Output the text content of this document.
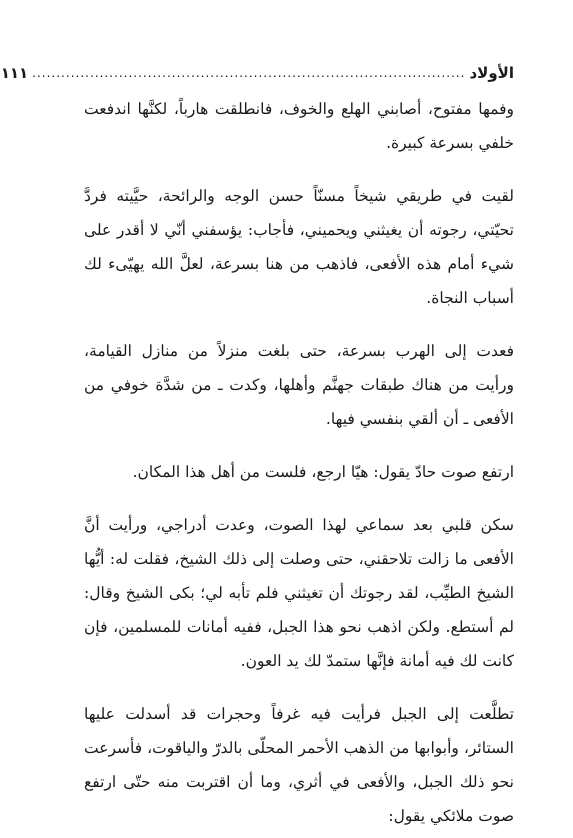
الأولاد
..........................................................................................
١١١

وفمها مفتوح، أصابني الهلع والخوف، فانطلقت هارباً، لكنَّها اندفعت خلفي بسرعة كبيرة.

لقيت في طريقي شيخاً مسنّاً حسن الوجه والرائحة، حيَّيته فردَّ تحيّتي، رجوته أن يغيثني ويحميني، فأجاب: يؤسفني أنّي لا أقدر على شيء أمام هذه الأفعى، فاذهب من هنا بسرعة، لعلَّ الله يهيّىء لك أسباب النجاة.

فعدت إلى الهرب بسرعة، حتى بلغت منزلاً من منازل القيامة، ورأيت من هناك طبقات جهنَّم وأهلها، وكدت ـ من شدَّة خوفي من الأفعى ـ أن ألقي بنفسي فيها.

ارتفع صوت حادّ يقول: هيّا ارجع، فلست من أهل هذا المكان.

سكن قلبي بعد سماعي لهذا الصوت، وعدت أدراجي، ورأيت أنَّ الأفعى ما زالت تلاحقني، حتى وصلت إلى ذلك الشيخ، فقلت له: أيُّها الشيخ الطيِّب، لقد رجوتك أن تغيثني فلم تأبه لي؛ بكى الشيخ وقال: لم أستطع. ولكن اذهب نحو هذا الجبل، ففيه أمانات للمسلمين، فإن كانت لك فيه أمانة فإنَّها ستمدّ لك يد العون.

تطلَّعت إلى الجبل فرأيت فيه غرفاً وحجرات قد أسدلت عليها الستائر، وأبوابها من الذهب الأحمر المحلّى بالدرّ والياقوت، فأسرعت نحو ذلك الجبل، والأفعى في أثري، وما أن اقتربت منه حتّى ارتفع صوت ملائكي يقول:
